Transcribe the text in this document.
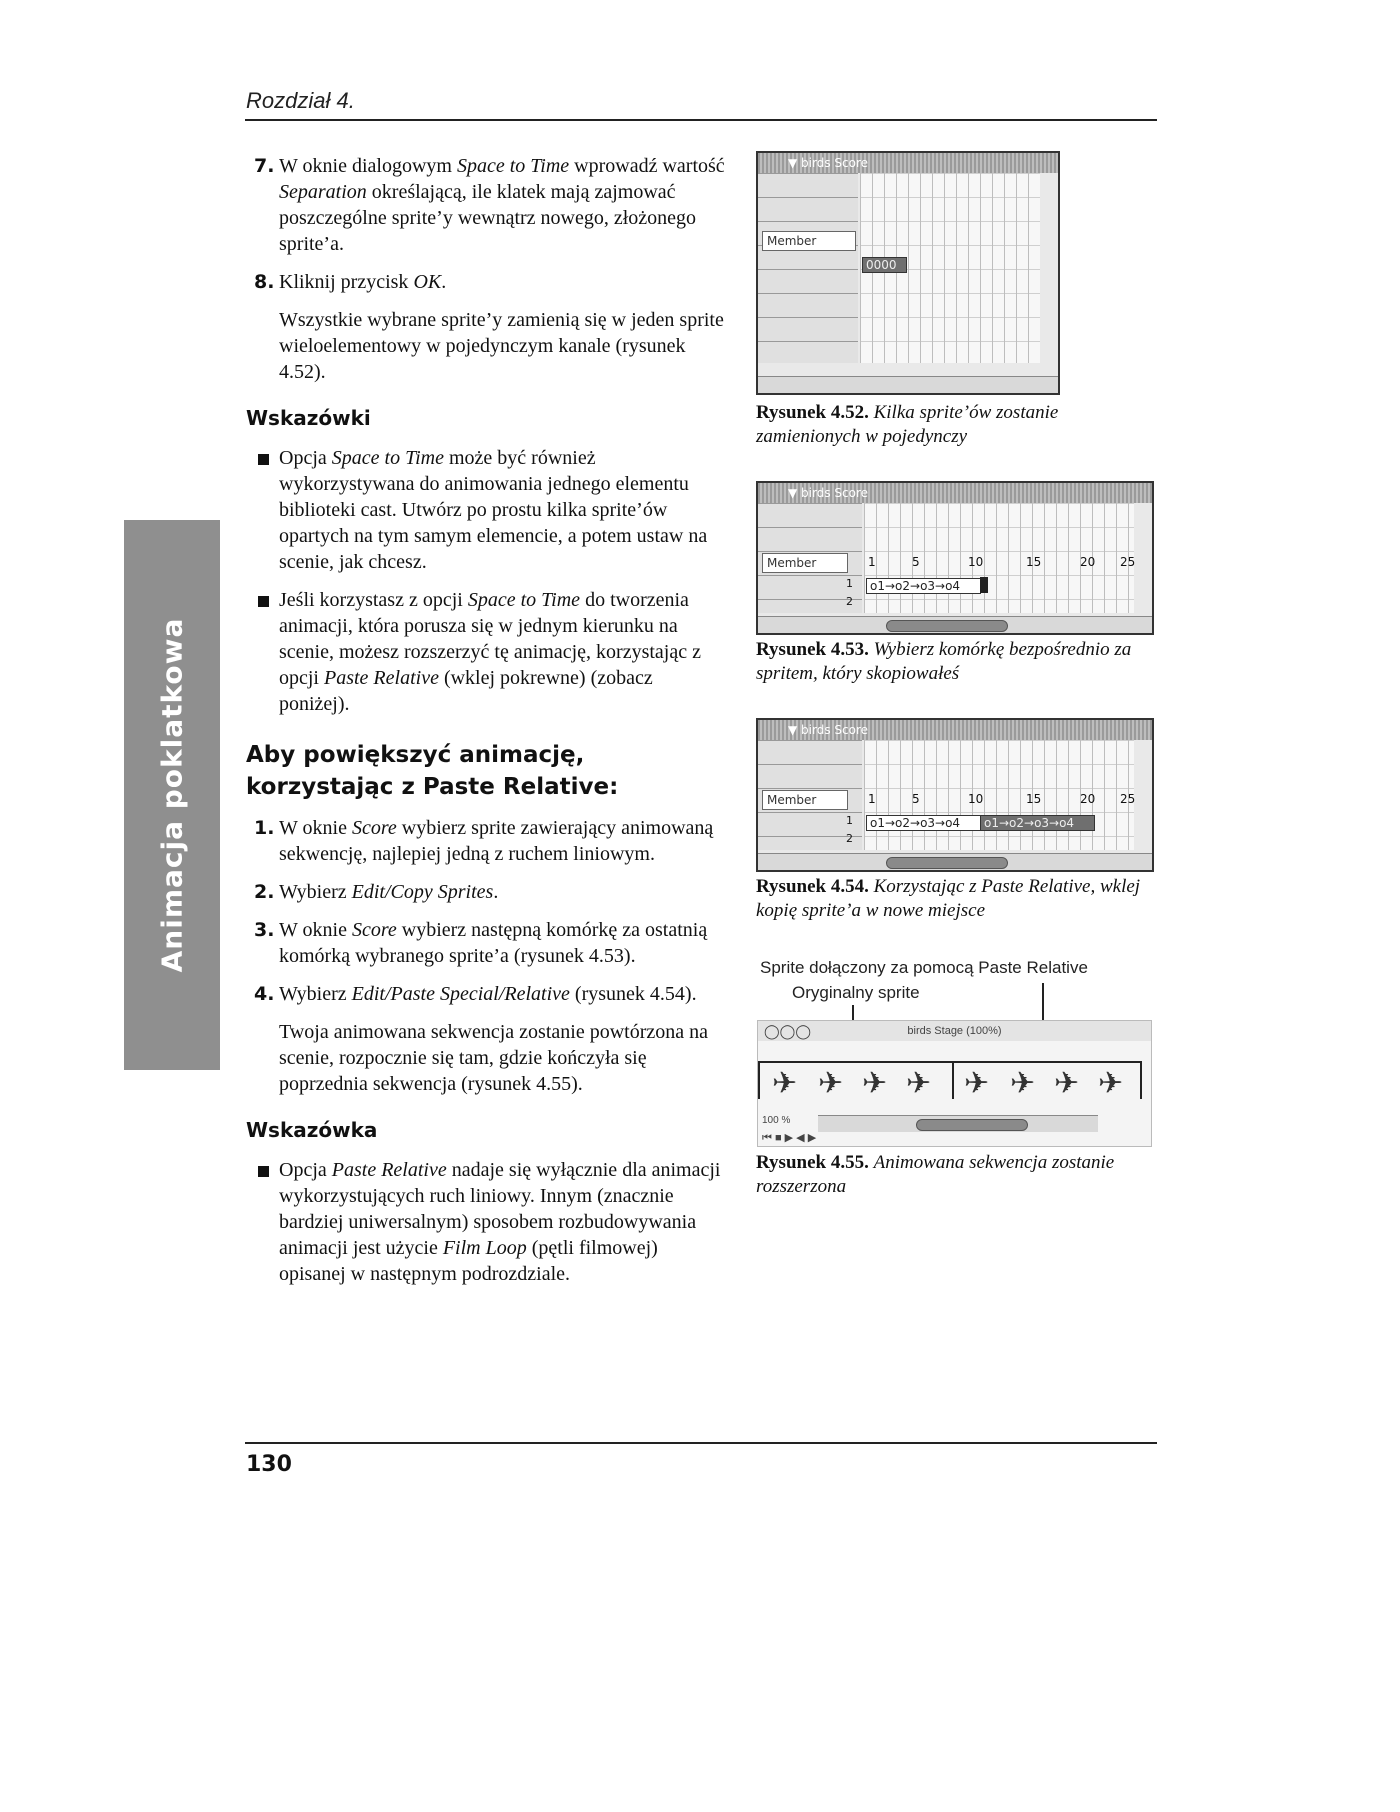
Rozdział 4.
Animacja poklatkowa
7. W oknie dialogowym Space to Time wprowadź wartość Separation określającą, ile klatek mają zajmować poszczególne sprite’y wewnątrz nowego, złożonego sprite’a.
8. Kliknij przycisk OK.
Wszystkie wybrane sprite’y zamienią się w jeden sprite wieloelementowy w pojedynczym kanale (rysunek 4.52).
Wskazówki
Opcja Space to Time może być również wykorzystywana do animowania jednego elementu biblioteki cast. Utwórz po prostu kilka sprite’ów opartych na tym samym elemencie, a potem ustaw na scenie, jak chcesz.
Jeśli korzystasz z opcji Space to Time do tworzenia animacji, która porusza się w jednym kierunku na scenie, możesz rozszerzyć tę animację, korzystając z opcji Paste Relative (wklej pokrewne) (zobacz poniżej).
Aby powiększyć animację,
korzystając z Paste Relative:
1. W oknie Score wybierz sprite zawierający animowaną sekwencję, najlepiej jedną z ruchem liniowym.
2. Wybierz Edit/Copy Sprites.
3. W oknie Score wybierz następną komórkę za ostatnią komórką wybranego sprite’a (rysunek 4.53).
4. Wybierz Edit/Paste Special/Relative (rysunek 4.54).
Twoja animowana sekwencja zostanie powtórzona na scenie, rozpocznie się tam, gdzie kończyła się poprzednia sekwencja (rysunek 4.55).
Wskazówka
Opcja Paste Relative nadaje się wyłącznie dla animacji wykorzystujących ruch liniowy. Innym (znacznie bardziej uniwersalnym) sposobem rozbudowywania animacji jest użycie Film Loop (pętli filmowej) opisanej w następnym podrozdziale.
▼ birds Score
Member
0000
Rysunek 4.52. Kilka sprite’ów zostanie zamienionych w pojedynczy
▼ birds Score
Member	1	5	10	15	20 25
1
2
o1→o2→o3→o4
Rysunek 4.53. Wybierz komórkę bezpośrednio za spritem, który skopiowałeś
▼ birds Score
Member	1	5	10	15	20 25
1
2
o1→o2→o3→o4	o1→o2→o3→o4
Rysunek 4.54. Korzystając z Paste Relative, wklej kopię sprite’a w nowe miejsce
Sprite dołączony za pomocą Paste Relative
Oryginalny sprite
◯◯◯	birds Stage (100%)
✈ ✈ ✈ ✈ ✈ ✈ ✈ ✈
100 %
⏮ ■ ▶ ◀ ▶
Rysunek 4.55. Animowana sekwencja zostanie rozszerzona
130
